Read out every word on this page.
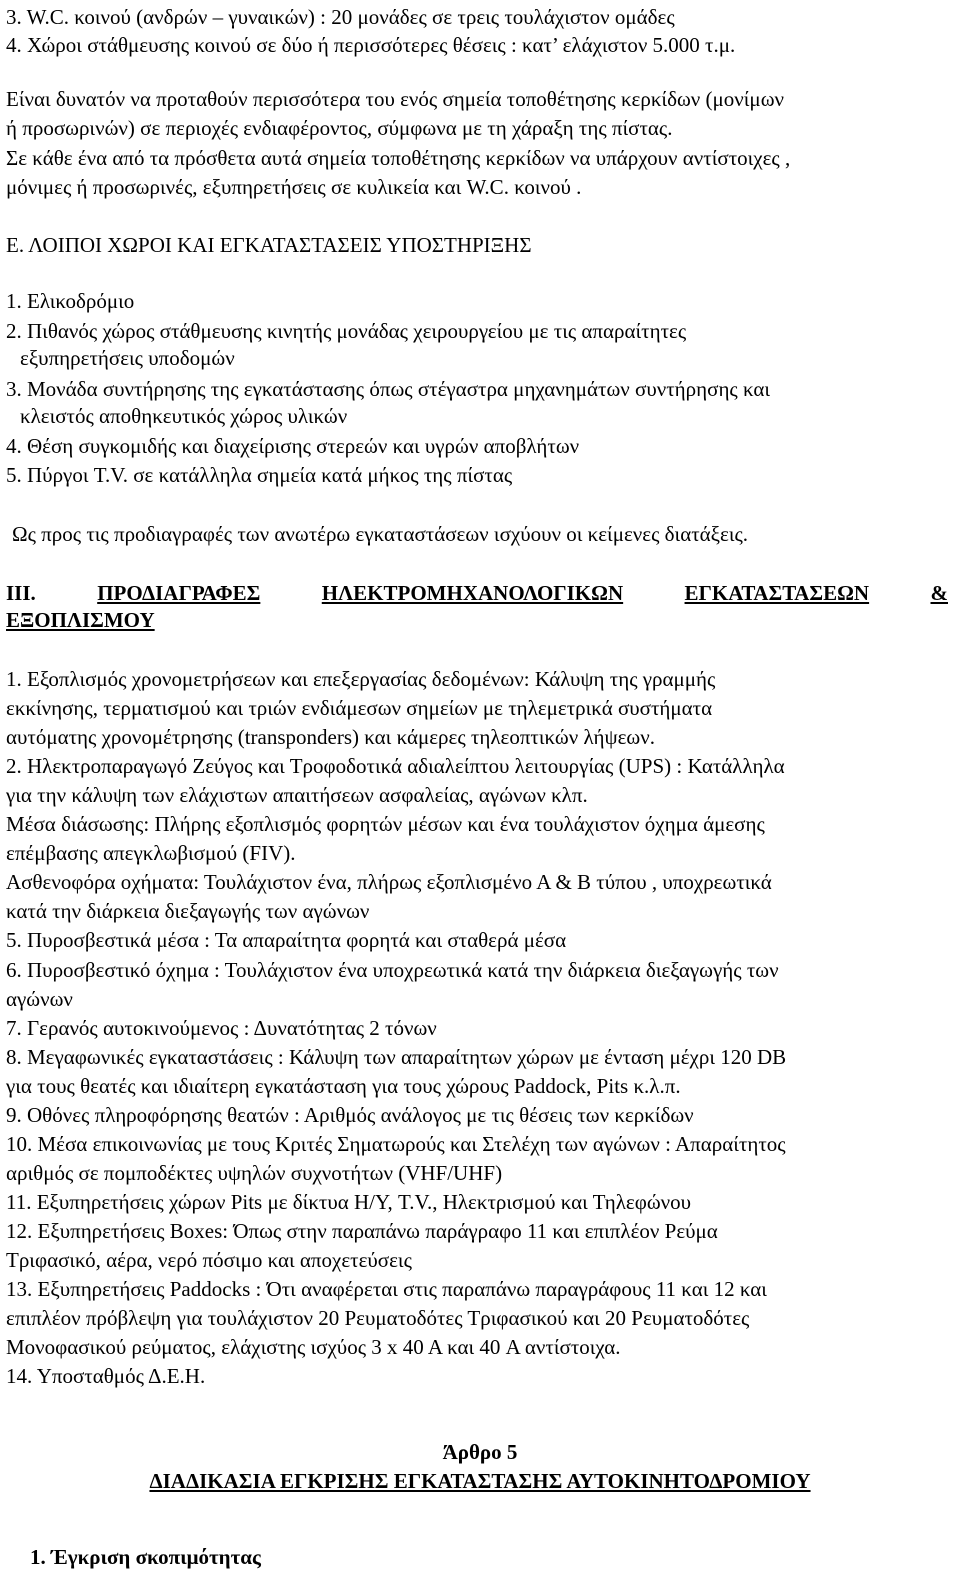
3. W.C. κοινού (ανδρών – γυναικών) : 20 μονάδες σε τρεις τουλάχιστον ομάδες
4. Χώροι στάθμευσης κοινού σε δύο ή περισσότερες θέσεις : κατ’ ελάχιστον 5.000 τ.μ.
Είναι δυνατόν να προταθούν περισσότερα του ενός σημεία τοποθέτησης κερκίδων (μονίμων
ή προσωρινών) σε περιοχές ενδιαφέροντος, σύμφωνα με τη χάραξη της πίστας.
Σε κάθε ένα από τα πρόσθετα αυτά σημεία τοποθέτησης κερκίδων να υπάρχουν αντίστοιχες ,
μόνιμες ή προσωρινές, εξυπηρετήσεις σε κυλικεία και W.C. κοινού .
Ε. ΛΟΙΠΟΙ ΧΩΡΟΙ ΚΑΙ ΕΓΚΑΤΑΣΤΑΣΕΙΣ ΥΠΟΣΤΗΡΙΞΗΣ
1. Ελικοδρόμιο
2. Πιθανός χώρος στάθμευσης κινητής μονάδας χειρουργείου με τις απαραίτητες
εξυπηρετήσεις υποδομών
3. Μονάδα συντήρησης της εγκατάστασης όπως στέγαστρα μηχανημάτων συντήρησης και
κλειστός αποθηκευτικός χώρος υλικών
4. Θέση συγκομιδής και διαχείρισης στερεών και υγρών αποβλήτων
5. Πύργοι T.V. σε κατάλληλα σημεία κατά μήκος της πίστας
Ως προς τις προδιαγραφές των ανωτέρω εγκαταστάσεων ισχύουν οι κείμενες διατάξεις.
ΙΙΙ.	ΠΡΟΔΙΑΓΡΑΦΕΣ	ΗΛΕΚΤΡΟΜΗΧΑΝΟΛΟΓΙΚΩΝ	ΕΓΚΑΤΑΣΤΑΣΕΩΝ	&
ΕΞΟΠΛΙΣΜΟΥ
1. Εξοπλισμός χρονομετρήσεων και επεξεργασίας δεδομένων: Κάλυψη της γραμμής
εκκίνησης, τερματισμού και τριών ενδιάμεσων σημείων με τηλεμετρικά συστήματα
αυτόματης χρονομέτρησης (transponders) και κάμερες τηλεοπτικών λήψεων.
2. Ηλεκτροπαραγωγό Ζεύγος και Τροφοδοτικά αδιαλείπτου λειτουργίας (UPS) : Κατάλληλα
για την κάλυψη των ελάχιστων απαιτήσεων ασφαλείας, αγώνων κλπ.
Μέσα διάσωσης: Πλήρης εξοπλισμός φορητών μέσων και ένα τουλάχιστον όχημα άμεσης
επέμβασης απεγκλωβισμού (FIV).
Ασθενοφόρα οχήματα: Τουλάχιστον ένα, πλήρως εξοπλισμένο Α & Β τύπου , υποχρεωτικά
κατά την διάρκεια διεξαγωγής των αγώνων
5. Πυροσβεστικά μέσα : Τα απαραίτητα φορητά και σταθερά μέσα
6. Πυροσβεστικό όχημα : Τουλάχιστον ένα υποχρεωτικά κατά την διάρκεια διεξαγωγής των
αγώνων
7. Γερανός αυτοκινούμενος : Δυνατότητας 2 τόνων
8. Μεγαφωνικές εγκαταστάσεις : Κάλυψη των απαραίτητων χώρων με ένταση μέχρι 120 DB
για τους θεατές και ιδιαίτερη εγκατάσταση για τους χώρους Paddock, Pits κ.λ.π.
9. Οθόνες πληροφόρησης θεατών : Αριθμός ανάλογος με τις θέσεις των κερκίδων
10. Μέσα επικοινωνίας με τους Κριτές Σηματωρούς και Στελέχη των αγώνων : Απαραίτητος
αριθμός σε πομποδέκτες υψηλών συχνοτήτων (VHF/UHF)
11. Εξυπηρετήσεις χώρων Pits με δίκτυα Η/Υ, T.V., Ηλεκτρισμού και Τηλεφώνου
12. Εξυπηρετήσεις Boxes: Όπως στην παραπάνω παράγραφο 11 και επιπλέον Ρεύμα
Τριφασικό, αέρα, νερό πόσιμο και αποχετεύσεις
13. Εξυπηρετήσεις Paddocks : Ότι αναφέρεται στις παραπάνω παραγράφους 11 και 12 και
επιπλέον πρόβλεψη για τουλάχιστον 20 Ρευματοδότες Τριφασικού και 20 Ρευματοδότες
Μονοφασικού ρεύματος, ελάχιστης ισχύος 3 x 40 A και 40 A αντίστοιχα.
14. Υποσταθμός Δ.Ε.Η.
Άρθρο 5
ΔΙΑΔΙΚΑΣΙΑ ΕΓΚΡΙΣΗΣ ΕΓΚΑΤΑΣΤΑΣΗΣ ΑΥΤΟΚΙΝΗΤΟΔΡΟΜΙΟΥ
1. Έγκριση σκοπιμότητας
